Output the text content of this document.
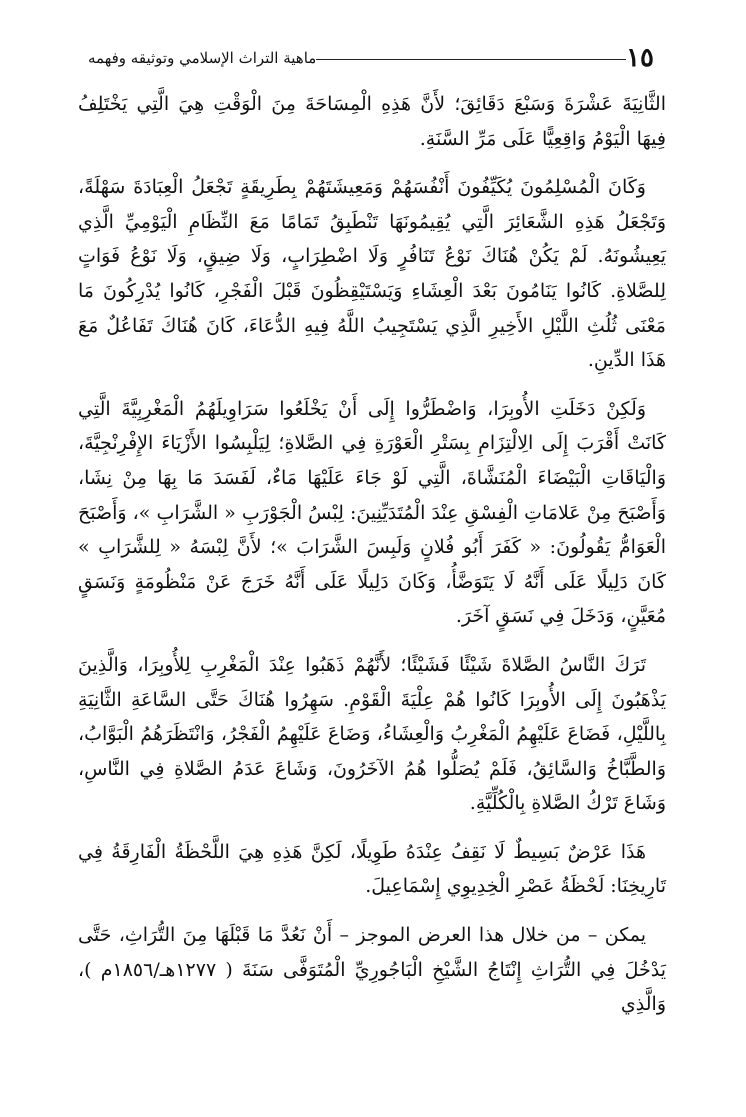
١٥
ماهية التراث الإسلامي وتوثيقه وفهمه

الثَّانِيَةَ عَشْرَةَ وَسَبْعَ دَقَائِقَ؛ لأَنَّ هَذِهِ الْمِسَاحَةَ مِنَ الْوَقْتِ هِيَ الَّتِي يَخْتَلِفُ فِيهَا الْيَوْمُ وَاقِعِيًّا عَلَى مَرِّ السَّنَةِ.

وَكَانَ الْمُسْلِمُونَ يُكَيِّفُونَ أَنْفُسَهُمْ وَمَعِيشَتَهُمْ بِطَرِيقَةٍ تَجْعَلُ الْعِبَادَةَ سَهْلَةً، وَتَجْعَلُ هَذِهِ الشَّعَائِرَ الَّتِي يُقِيمُونَهَا تَنْطَبِقُ تَمَامًا مَعَ النِّظَامِ الْيَوْمِيِّ الَّذِي يَعِيشُونَهُ. لَمْ يَكُنْ هُنَاكَ نَوْعُ تَنَافُرٍ وَلَا اضْطِرَابٍ، وَلَا ضِيقٍ، وَلَا نَوْعُ فَوَاتٍ لِلصَّلاةِ. كَانُوا يَنَامُونَ بَعْدَ الْعِشَاءِ وَيَسْتَيْقِظُونَ قَبْلَ الْفَجْرِ، كَانُوا يُدْرِكُونَ مَا مَعْنَى ثُلُثِ اللَّيْلِ الأَخِيرِ الَّذِي يَسْتَجِيبُ اللَّهُ فِيهِ الدُّعَاءَ، كَانَ هُنَاكَ تَفَاعُلٌ مَعَ هَذَا الدِّينِ.

وَلَكِنْ دَخَلَتِ الأُوبِرَا، وَاضْطَرُّوا إِلَى أَنْ يَخْلَعُوا سَرَاوِيلَهُمُ الْمَغْرِبِيَّةَ الَّتِي كَانَتْ أَقْرَبَ إِلَى الِالْتِزَامِ بِسَتْرِ الْعَوْرَةِ فِي الصَّلاةِ؛ لِيَلْبِسُوا الأَزْيَاءَ الإِفْرِنْجِيَّةَ، وَالْيَاقَاتِ الْبَيْضَاءَ الْمُنَشَّاةَ، الَّتِي لَوْ جَاءَ عَلَيْهَا مَاءٌ، لَفَسَدَ مَا بِهَا مِنْ نِشَا، وَأَصْبَحَ مِنْ عَلامَاتِ الْفِسْقِ عِنْدَ الْمُتَدَيِّنِينَ: لِبْسُ الْجَوْرَبِ « الشَّرَابِ »، وَأَصْبَحَ الْعَوَامُّ يَقُولُونَ: « كَفَرَ أَبُو فُلانٍ وَلَبِسَ الشَّرَابَ »؛ لأَنَّ لِبْسَهُ « لِلشَّرَابِ » كَانَ دَلِيلًا عَلَى أَنَّهُ لَا يَتَوَضَّأُ، وَكَانَ دَلِيلًا عَلَى أَنَّهُ خَرَجَ عَنْ مَنْظُومَةٍ وَنَسَقٍ مُعَيَّنٍ، وَدَخَلَ فِي نَسَقٍ آخَرَ.

تَرَكَ النَّاسُ الصَّلاةَ شَيْئًا فَشَيْئًا؛ لأَنَّهُمْ ذَهَبُوا عِنْدَ الْمَغْرِبِ لِلأُوبِرَا، وَالَّذِينَ يَذْهَبُونَ إِلَى الأُوبِرَا كَانُوا هُمْ عِلْيَةَ الْقَوْمِ. سَهِرُوا هُنَاكَ حَتَّى السَّاعَةِ الثَّانِيَةِ بِاللَّيْلِ، فَضَاعَ عَلَيْهِمُ الْمَغْرِبُ وَالْعِشَاءُ، وَضَاعَ عَلَيْهِمُ الْفَجْرُ، وَانْتَظَرَهُمُ الْبَوَّابُ، وَالطَّبَّاخُ وَالسَّائِقُ، فَلَمْ يُصَلُّوا هُمُ الآخَرُونَ، وَشَاعَ عَدَمُ الصَّلاةِ فِي النَّاسِ، وَشَاعَ تَرْكُ الصَّلاةِ بِالْكُلِّيَّةِ.

هَذَا عَرْضٌ بَسِيطٌ لَا نَقِفُ عِنْدَهُ طَوِيلًا، لَكِنَّ هَذِهِ هِيَ اللَّحْظَةُ الْفَارِقَةُ فِي تَارِيخِنَا: لَحْظَةُ عَصْرِ الْخِدِيوِي إِسْمَاعِيلَ.

يمكن – من خلال هذا العرض الموجز – أَنْ نَعُدَّ مَا قَبْلَهَا مِنَ التُّرَاثِ، حَتَّى يَدْخُلَ فِي التُّرَاثِ إِنْتَاجُ الشَّيْخِ الْبَاجُورِيِّ الْمُتَوَفَّى سَنَةَ ( ١٢٧٧هـ/١٨٥٦م )، وَالَّذِي
